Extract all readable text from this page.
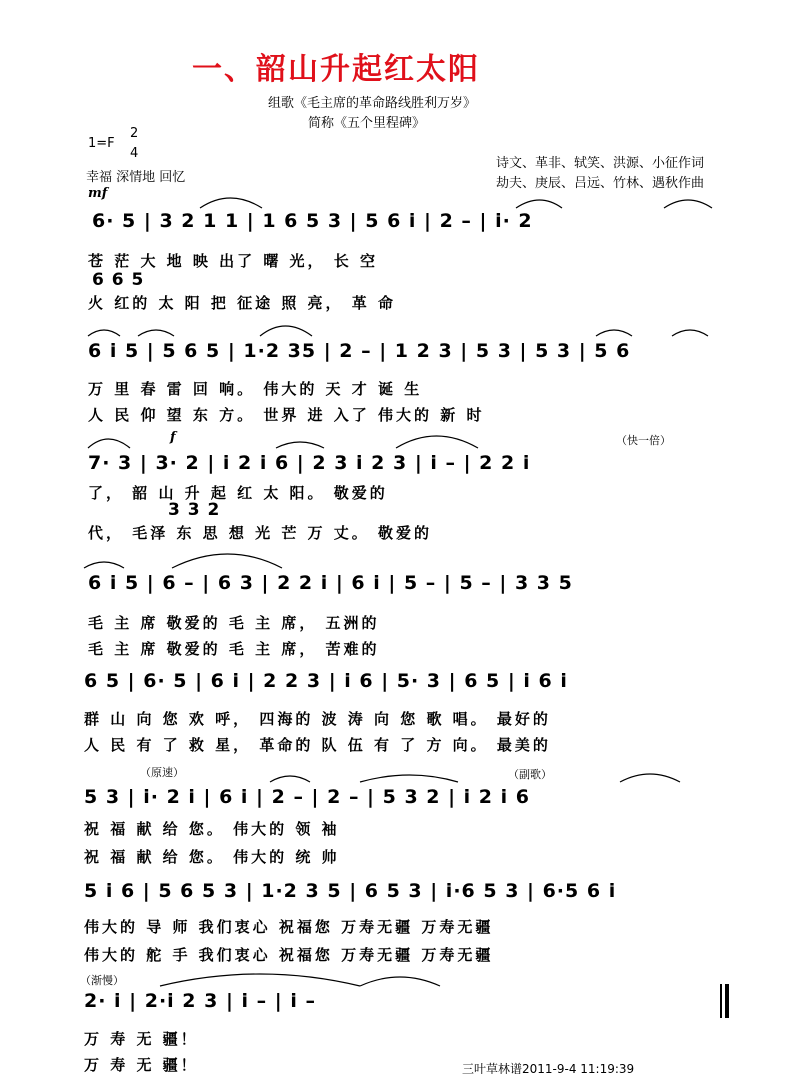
一、韶山升起红太阳
组歌《毛主席的革命路线胜利万岁》
简称《五个里程碑》
1=F
2
4
幸福 深情地 回忆
mf
诗文、革非、轼笑、洪源、小征作词
劫夫、庚辰、吕远、竹林、遇秋作曲
6· 5 | 3 2 1 1 | 1 6 5 3 | 5 6 i | 2 – | i· 2
6 6 5
苍 茫 大 地 映 出了 曙 光， 长 空
火 红的 太 阳 把 征途 照 亮， 革 命
6 i 5 | 5 6 5 | 1·2 35 | 2 – | 1 2 3 | 5 3 | 5 3 | 5 6
万 里 春 雷 回 响。 伟大的 天 才 诞 生
人 民 仰 望 东 方。 世界 进 入了 伟大的 新 时
（快一倍）
f
7· 3 | 3· 2 | i 2 i 6 | 2 3 i 2 3 | i – | 2 2 i
了， 韶 山 升 起 红 太 阳。 敬爱的
3 3 2
代， 毛泽 东 思 想 光 芒 万 丈。 敬爱的
6 i 5 | 6 – | 6 3 | 2 2 i | 6 i | 5 – | 5 – | 3 3 5
毛 主 席 敬爱的 毛 主 席， 五洲的
毛 主 席 敬爱的 毛 主 席， 苦难的
6 5 | 6· 5 | 6 i | 2 2 3 | i 6 | 5· 3 | 6 5 | i 6 i
群 山 向 您 欢 呼， 四海的 波 涛 向 您 歌 唱。 最好的
人 民 有 了 救 星， 革命的 队 伍 有 了 方 向。 最美的
（原速）	（副歌）
5 3 | i· 2 i | 6 i | 2 – | 2 – | 5 3 2 | i 2 i 6
祝 福 献 给 您。 伟大的 领 袖
祝 福 献 给 您。 伟大的 统 帅
5 i 6 | 5 6 5 3 | 1·2 3 5 | 6 5 3 | i·6 5 3 | 6·5 6 i
伟大的 导 师 我们衷心 祝福您 万寿无疆 万寿无疆
伟大的 舵 手 我们衷心 祝福您 万寿无疆 万寿无疆
（渐慢）
2· i | 2·i 2 3 | i – | i –
万 寿 无 疆！
万 寿 无 疆！	三叶草林谱2011-9-4 11:19:39
